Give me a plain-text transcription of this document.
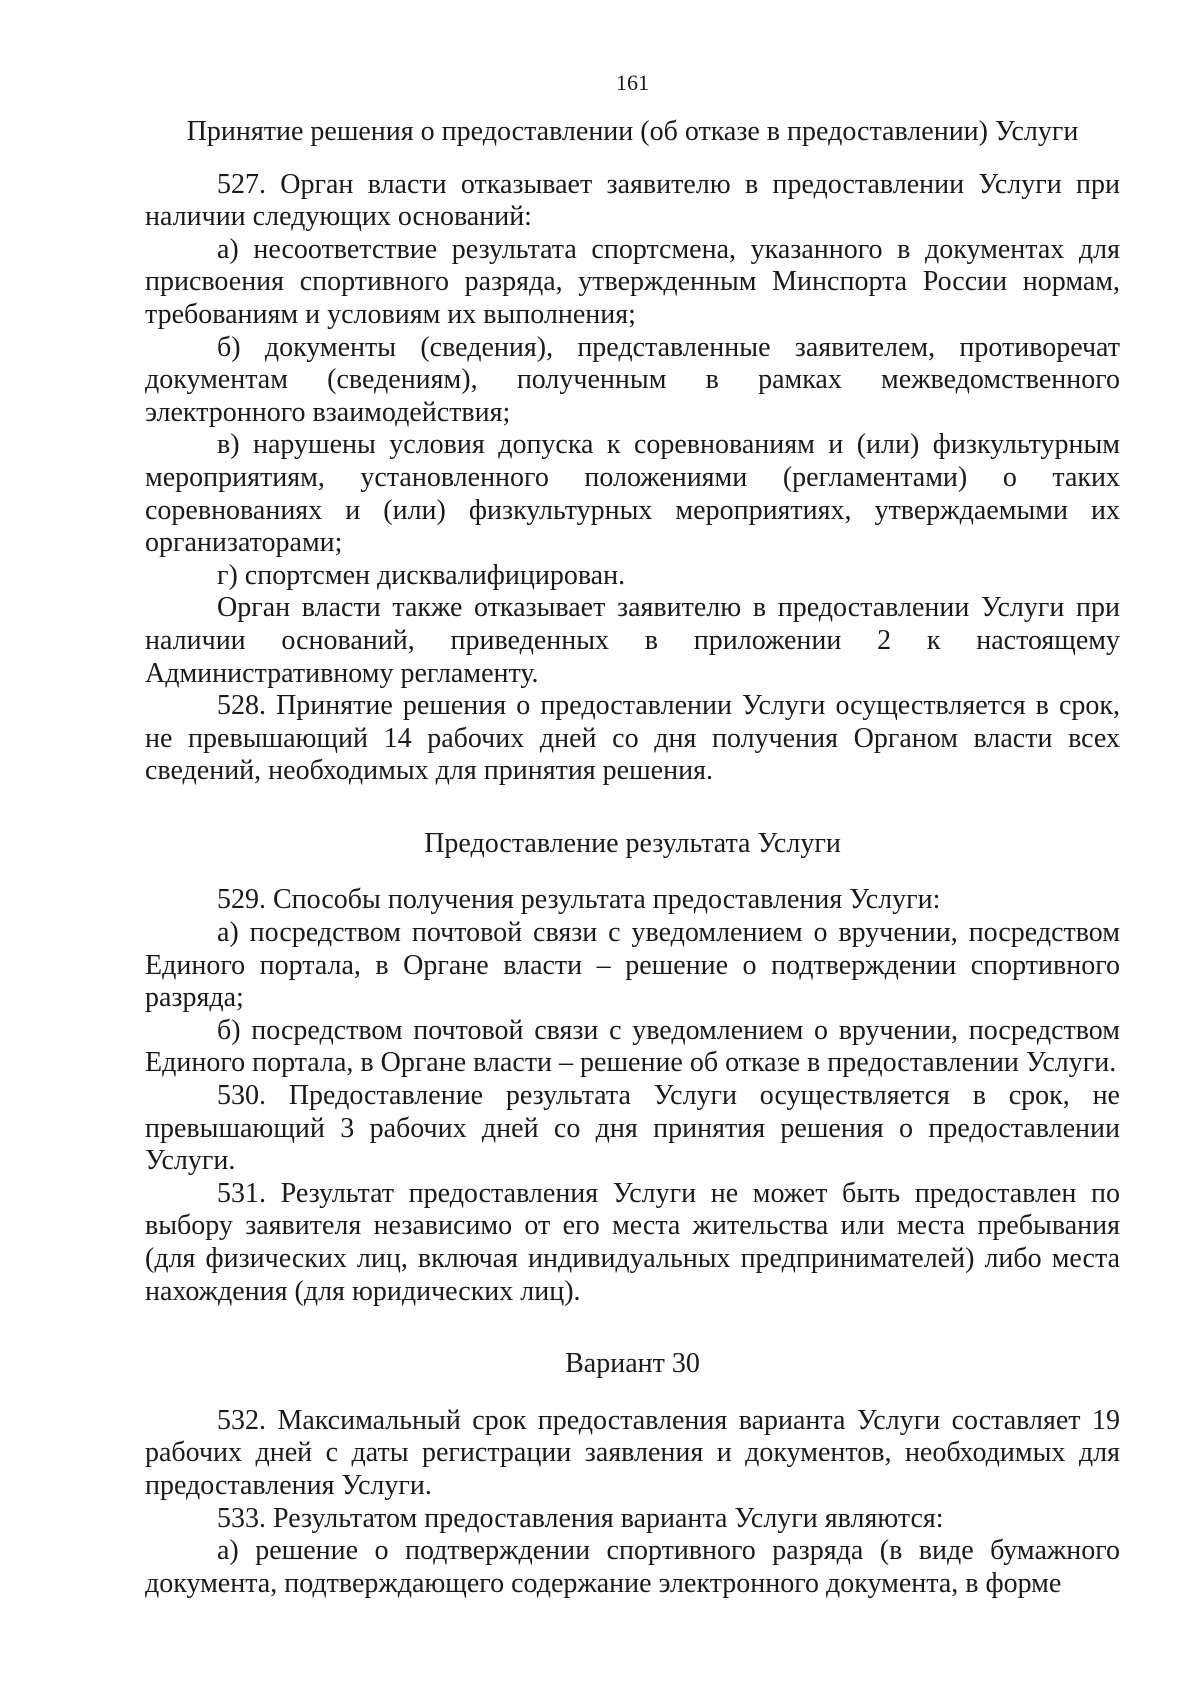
161
Принятие решения о предоставлении (об отказе в предоставлении) Услуги

527. Орган власти отказывает заявителю в предоставлении Услуги при наличии следующих оснований:

а) несоответствие результата спортсмена, указанного в документах для присвоения спортивного разряда, утвержденным Минспорта России нормам, требованиям и условиям их выполнения;

б) документы (сведения), представленные заявителем, противоречат документам (сведениям), полученным в рамках межведомственного электронного взаимодействия;

в) нарушены условия допуска к соревнованиям и (или) физкультурным мероприятиям, установленного положениями (регламентами) о таких соревнованиях и (или) физкультурных мероприятиях, утверждаемыми их организаторами;

г) спортсмен дисквалифицирован.

Орган власти также отказывает заявителю в предоставлении Услуги при наличии оснований, приведенных в приложении 2 к настоящему Административному регламенту.

528. Принятие решения о предоставлении Услуги осуществляется в срок, не превышающий 14 рабочих дней со дня получения Органом власти всех сведений, необходимых для принятия решения.

Предоставление результата Услуги

529. Способы получения результата предоставления Услуги:

а) посредством почтовой связи с уведомлением о вручении, посредством Единого портала, в Органе власти – решение о подтверждении спортивного разряда;

б) посредством почтовой связи с уведомлением о вручении, посредством Единого портала, в Органе власти – решение об отказе в предоставлении Услуги.

530. Предоставление результата Услуги осуществляется в срок, не превышающий 3 рабочих дней со дня принятия решения о предоставлении Услуги.

531. Результат предоставления Услуги не может быть предоставлен по выбору заявителя независимо от его места жительства или места пребывания (для физических лиц, включая индивидуальных предпринимателей) либо места нахождения (для юридических лиц).

Вариант 30

532. Максимальный срок предоставления варианта Услуги составляет 19 рабочих дней с даты регистрации заявления и документов, необходимых для предоставления Услуги.

533. Результатом предоставления варианта Услуги являются:

а) решение о подтверждении спортивного разряда (в виде бумажного документа, подтверждающего содержание электронного документа, в форме
